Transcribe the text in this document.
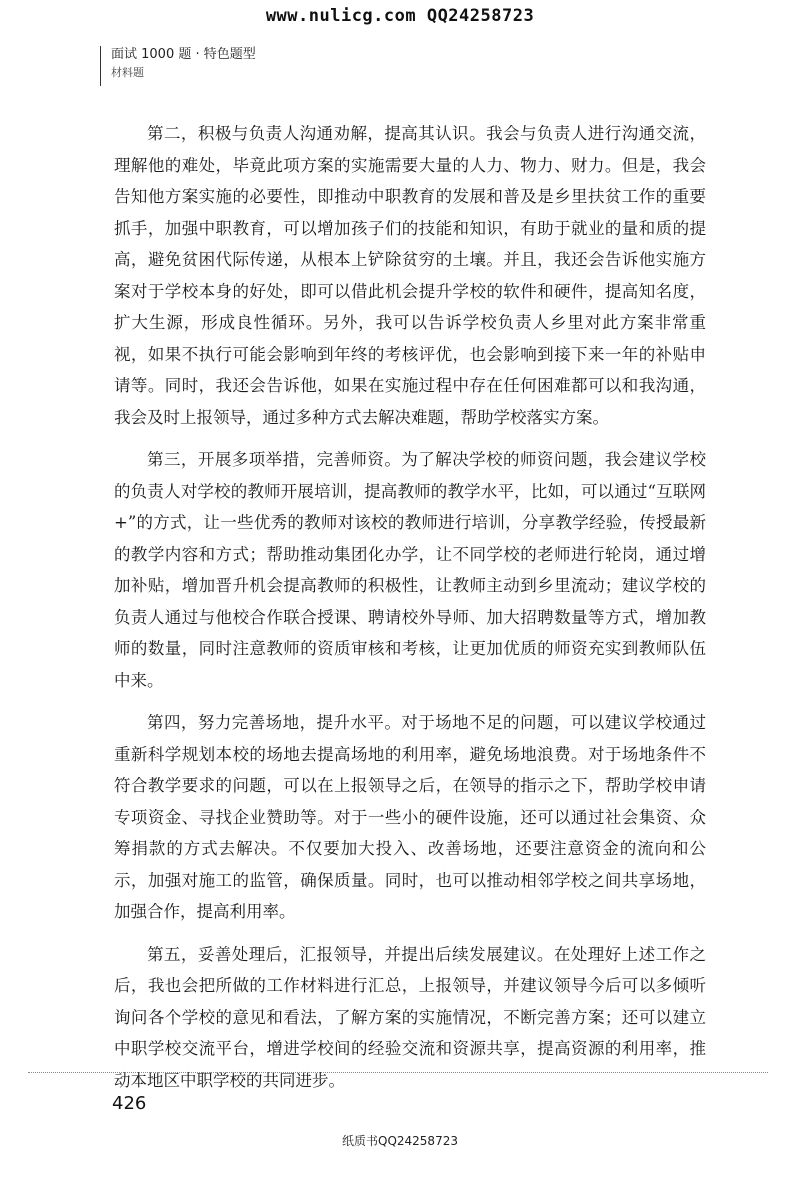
www.nulicg.com QQ24258723
面试 1000 题 · 特色题型
材料题

第二，积极与负责人沟通劝解，提高其认识。我会与负责人进行沟通交流，理解他的难处，毕竟此项方案的实施需要大量的人力、物力、财力。但是，我会告知他方案实施的必要性，即推动中职教育的发展和普及是乡里扶贫工作的重要抓手，加强中职教育，可以增加孩子们的技能和知识，有助于就业的量和质的提高，避免贫困代际传递，从根本上铲除贫穷的土壤。并且，我还会告诉他实施方案对于学校本身的好处，即可以借此机会提升学校的软件和硬件，提高知名度，扩大生源，形成良性循环。另外，我可以告诉学校负责人乡里对此方案非常重视，如果不执行可能会影响到年终的考核评优，也会影响到接下来一年的补贴申请等。同时，我还会告诉他，如果在实施过程中存在任何困难都可以和我沟通，我会及时上报领导，通过多种方式去解决难题，帮助学校落实方案。

第三，开展多项举措，完善师资。为了解决学校的师资问题，我会建议学校的负责人对学校的教师开展培训，提高教师的教学水平，比如，可以通过“互联网+”的方式，让一些优秀的教师对该校的教师进行培训，分享教学经验，传授最新的教学内容和方式；帮助推动集团化办学，让不同学校的老师进行轮岗，通过增加补贴，增加晋升机会提高教师的积极性，让教师主动到乡里流动；建议学校的负责人通过与他校合作联合授课、聘请校外导师、加大招聘数量等方式，增加教师的数量，同时注意教师的资质审核和考核，让更加优质的师资充实到教师队伍中来。

第四，努力完善场地，提升水平。对于场地不足的问题，可以建议学校通过重新科学规划本校的场地去提高场地的利用率，避免场地浪费。对于场地条件不符合教学要求的问题，可以在上报领导之后，在领导的指示之下，帮助学校申请专项资金、寻找企业赞助等。对于一些小的硬件设施，还可以通过社会集资、众筹捐款的方式去解决。不仅要加大投入、改善场地，还要注意资金的流向和公示，加强对施工的监管，确保质量。同时，也可以推动相邻学校之间共享场地，加强合作，提高利用率。

第五，妥善处理后，汇报领导，并提出后续发展建议。在处理好上述工作之后，我也会把所做的工作材料进行汇总，上报领导，并建议领导今后可以多倾听询问各个学校的意见和看法，了解方案的实施情况，不断完善方案；还可以建立中职学校交流平台，增进学校间的经验交流和资源共享，提高资源的利用率，推动本地区中职学校的共同进步。

426
纸质书QQ24258723
